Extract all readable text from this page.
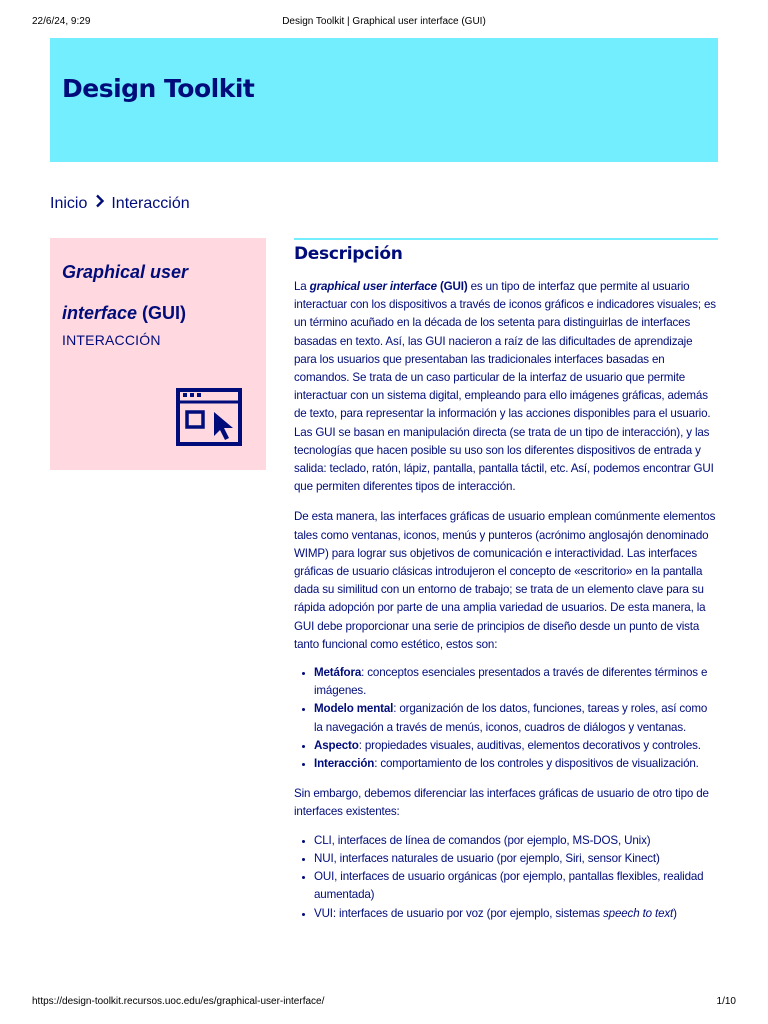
22/6/24, 9:29	Design Toolkit | Graphical user interface (GUI)
Design Toolkit
Inicio Interacción
Graphical user interface (GUI)
INTERACCIÓN
Descripción

La graphical user interface (GUI) es un tipo de interfaz que permite al usuario interactuar con los dispositivos a través de iconos gráficos e indicadores visuales; es un término acuñado en la década de los setenta para distinguirlas de interfaces basadas en texto. Así, las GUI nacieron a raíz de las dificultades de aprendizaje para los usuarios que presentaban las tradicionales interfaces basadas en comandos. Se trata de un caso particular de la interfaz de usuario que permite interactuar con un sistema digital, empleando para ello imágenes gráficas, además de texto, para representar la información y las acciones disponibles para el usuario. Las GUI se basan en manipulación directa (se trata de un tipo de interacción), y las tecnologías que hacen posible su uso son los diferentes dispositivos de entrada y salida: teclado, ratón, lápiz, pantalla, pantalla táctil, etc. Así, podemos encontrar GUI que permiten diferentes tipos de interacción.

De esta manera, las interfaces gráficas de usuario emplean comúnmente elementos tales como ventanas, iconos, menús y punteros (acrónimo anglosajón denominado WIMP) para lograr sus objetivos de comunicación e interactividad. Las interfaces gráficas de usuario clásicas introdujeron el concepto de «escritorio» en la pantalla dada su similitud con un entorno de trabajo; se trata de un elemento clave para su rápida adopción por parte de una amplia variedad de usuarios. De esta manera, la GUI debe proporcionar una serie de principios de diseño desde un punto de vista tanto funcional como estético, estos son:

• Metáfora: conceptos esenciales presentados a través de diferentes términos e imágenes.
• Modelo mental: organización de los datos, funciones, tareas y roles, así como la navegación a través de menús, iconos, cuadros de diálogos y ventanas.
• Aspecto: propiedades visuales, auditivas, elementos decorativos y controles.
• Interacción: comportamiento de los controles y dispositivos de visualización.

Sin embargo, debemos diferenciar las interfaces gráficas de usuario de otro tipo de interfaces existentes:

• CLI, interfaces de línea de comandos (por ejemplo, MS-DOS, Unix)
• NUI, interfaces naturales de usuario (por ejemplo, Siri, sensor Kinect)
• OUI, interfaces de usuario orgánicas (por ejemplo, pantallas flexibles, realidad aumentada)
• VUI: interfaces de usuario por voz (por ejemplo, sistemas speech to text)
https://design-toolkit.recursos.uoc.edu/es/graphical-user-interface/	1/10
